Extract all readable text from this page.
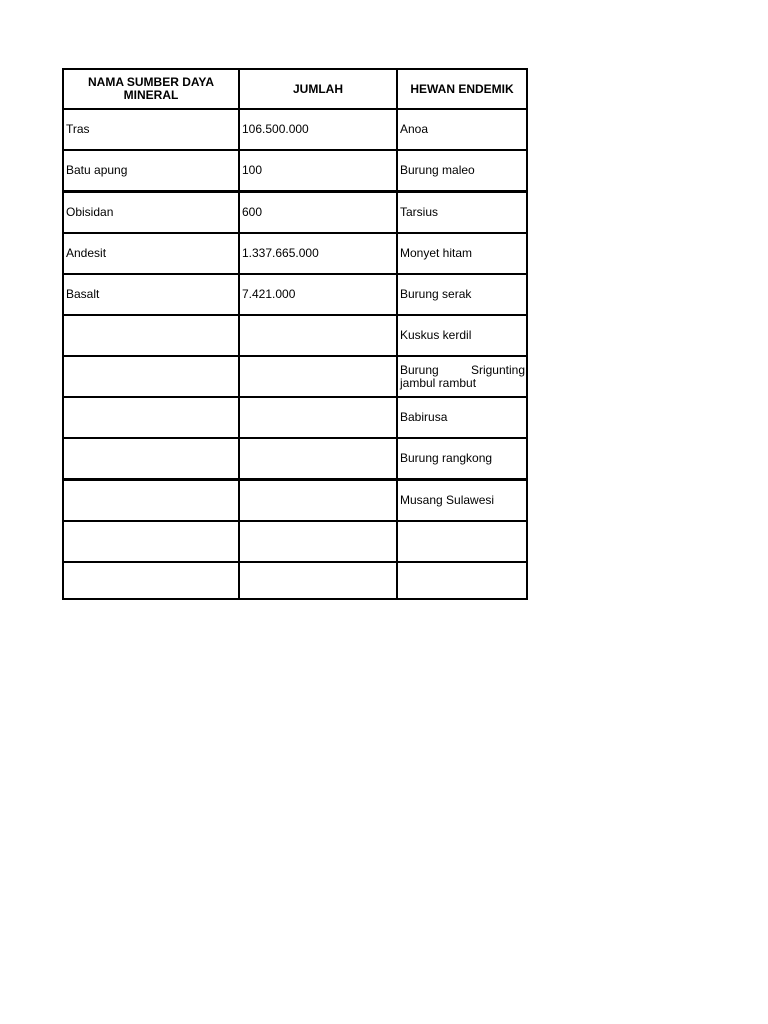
NAMA SUMBER DAYA MINERAL	JUMLAH	HEWAN ENDEMIK
Tras	106.500.000	Anoa
Batu apung	100	Burung maleo
Obisidan	600	Tarsius
Andesit	1.337.665.000	Monyet hitam
Basalt	7.421.000	Burung serak
		Kuskus kerdil

		Burung Srigunting
jambul rambut

		Babirusa
		Burung rangkong
		Musang Sulawesi
